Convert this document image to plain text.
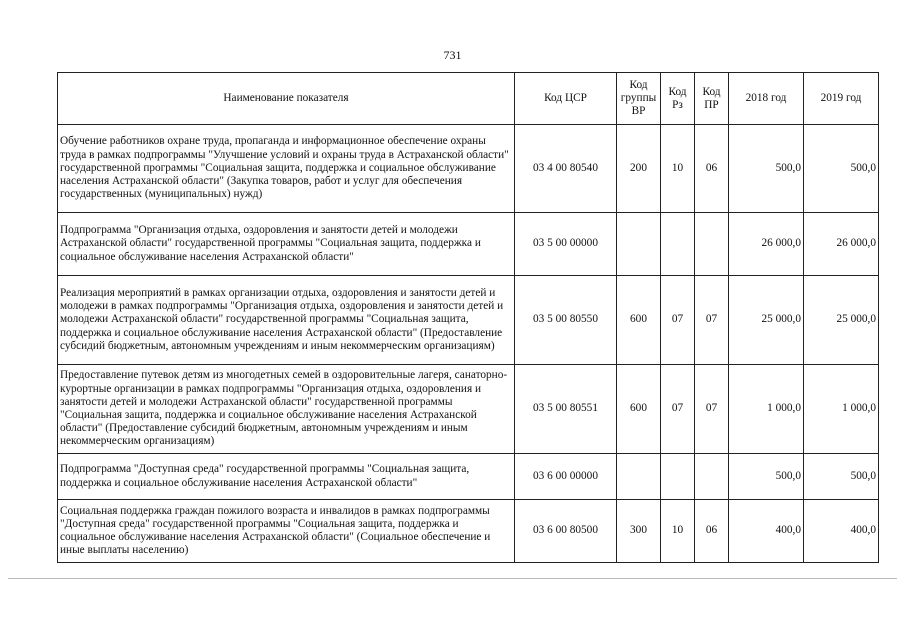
731
Наименование показателя	Код ЦСР	Код группы ВР	Код Рз	Код ПР	2018 год	2019 год
Обучение работников охране труда, пропаганда и информационное обеспечение охраны труда в рамках подпрограммы "Улучшение условий и охраны труда в Астраханской области" государственной программы "Социальная защита, поддержка и социальное обслуживание населения Астраханской области" (Закупка товаров, работ и услуг для обеспечения государственных (муниципальных) нужд)	03 4 00 80540	200	10	06	500,0	500,0
Подпрограмма "Организация отдыха, оздоровления и занятости детей и молодежи Астраханской области" государственной программы "Социальная защита, поддержка и социальное обслуживание населения Астраханской области"	03 5 00 00000				26 000,0	26 000,0
Реализация мероприятий в рамках организации отдыха, оздоровления и занятости детей и молодежи в рамках подпрограммы "Организация отдыха, оздоровления и занятости детей и молодежи Астраханской области" государственной программы "Социальная защита, поддержка и социальное обслуживание населения Астраханской области" (Предоставление субсидий бюджетным, автономным учреждениям и иным некоммерческим организациям)	03 5 00 80550	600	07	07	25 000,0	25 000,0
Предоставление путевок детям из многодетных семей в оздоровительные лагеря, санаторно-курортные организации в рамках подпрограммы "Организация отдыха, оздоровления и занятости детей и молодежи Астраханской области" государственной программы "Социальная защита, поддержка и социальное обслуживание населения Астраханской области" (Предоставление субсидий бюджетным, автономным учреждениям и иным некоммерческим организациям)	03 5 00 80551	600	07	07	1 000,0	1 000,0
Подпрограмма "Доступная среда" государственной программы "Социальная защита, поддержка и социальное обслуживание населения Астраханской области"	03 6 00 00000				500,0	500,0
Социальная поддержка граждан пожилого возраста и инвалидов в рамках подпрограммы "Доступная среда" государственной программы "Социальная защита, поддержка и социальное обслуживание населения Астраханской области" (Социальное обеспечение и иные выплаты населению)	03 6 00 80500	300	10	06	400,0	400,0
